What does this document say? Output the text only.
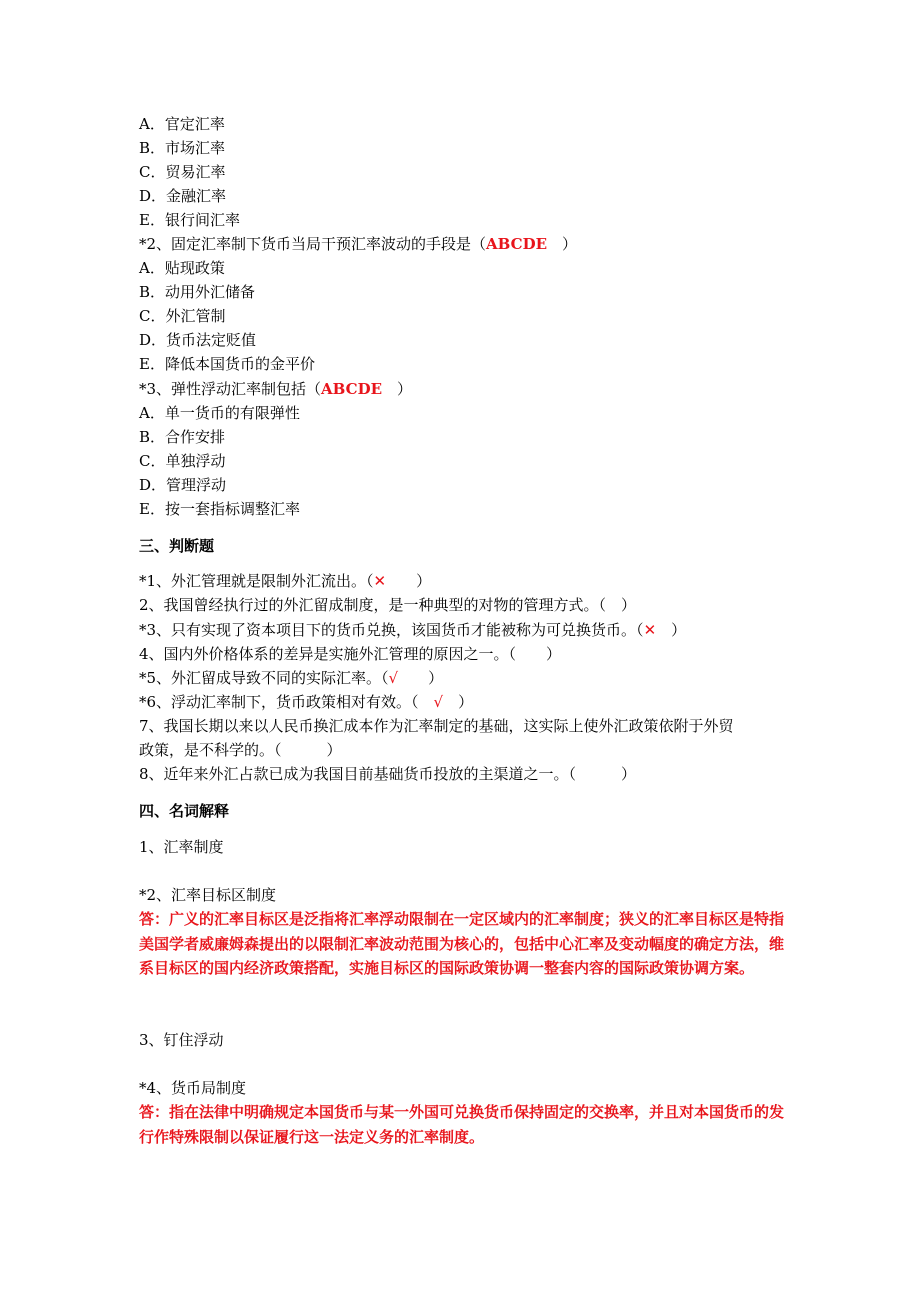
A．官定汇率
B．市场汇率
C．贸易汇率
D．金融汇率
E．银行间汇率
*2、固定汇率制下货币当局干预汇率波动的手段是（ABCDE　）
A．贴现政策
B．动用外汇储备
C．外汇管制
D．货币法定贬值
E．降低本国货币的金平价
*3、弹性浮动汇率制包括（ABCDE　）
A．单一货币的有限弹性
B．合作安排
C．单独浮动
D．管理浮动
E．按一套指标调整汇率
三、判断题
*1、外汇管理就是限制外汇流出。（✕　　）
2、我国曾经执行过的外汇留成制度，是一种典型的对物的管理方式。（　）
*3、只有实现了资本项目下的货币兑换，该国货币才能被称为可兑换货币。（✕　）
4、国内外价格体系的差异是实施外汇管理的原因之一。（　　）
*5、外汇留成导致不同的实际汇率。（√　　）
*6、浮动汇率制下，货币政策相对有效。（　√　）
7、我国长期以来以人民币换汇成本作为汇率制定的基础，这实际上使外汇政策依附于外贸
政策，是不科学的。（　　　）
8、近年来外汇占款已成为我国目前基础货币投放的主渠道之一。（　　　）
四、名词解释
1、汇率制度
*2、汇率目标区制度
答：广义的汇率目标区是泛指将汇率浮动限制在一定区域内的汇率制度；狭义的汇率目标区是特指美国学者威廉姆森提出的以限制汇率波动范围为核心的，包括中心汇率及变动幅度的确定方法，维系目标区的国内经济政策搭配，实施目标区的国际政策协调一整套内容的国际政策协调方案。
3、钉住浮动
*4、货币局制度
答：指在法律中明确规定本国货币与某一外国可兑换货币保持固定的交换率，并且对本国货币的发行作特殊限制以保证履行这一法定义务的汇率制度。
